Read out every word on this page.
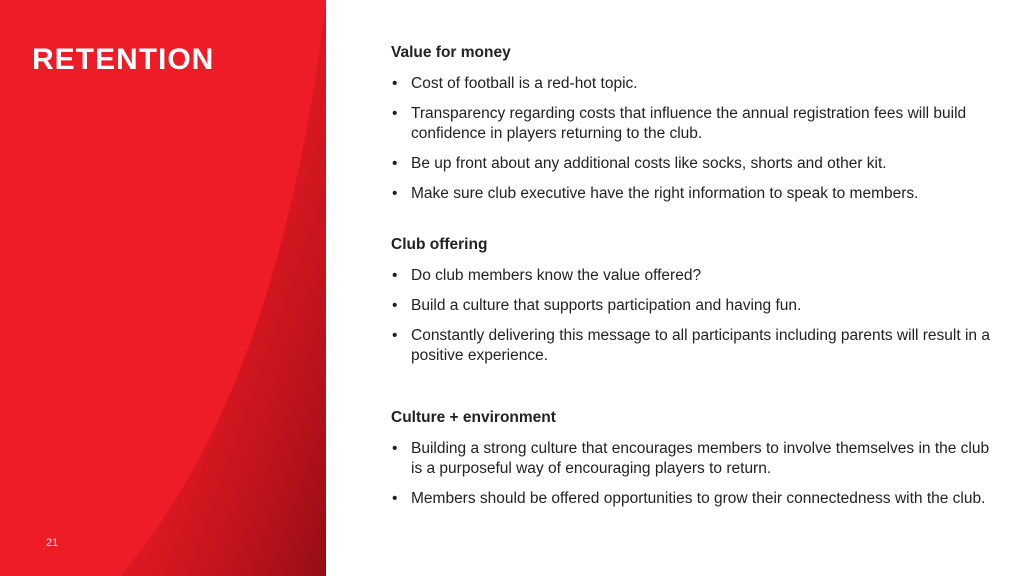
RETENTION
21
Value for money
• Cost of football is a red-hot topic.
• Transparency regarding costs that influence the annual registration fees will build confidence in players returning to the club.
• Be up front about any additional costs like socks, shorts and other kit.
• Make sure club executive have the right information to speak to members.
Club offering
• Do club members know the value offered?
• Build a culture that supports participation and having fun.
• Constantly delivering this message to all participants including parents will result in a positive experience.
Culture + environment
• Building a strong culture that encourages members to involve themselves in the club is a purposeful way of encouraging players to return.
• Members should be offered opportunities to grow their connectedness with the club.
